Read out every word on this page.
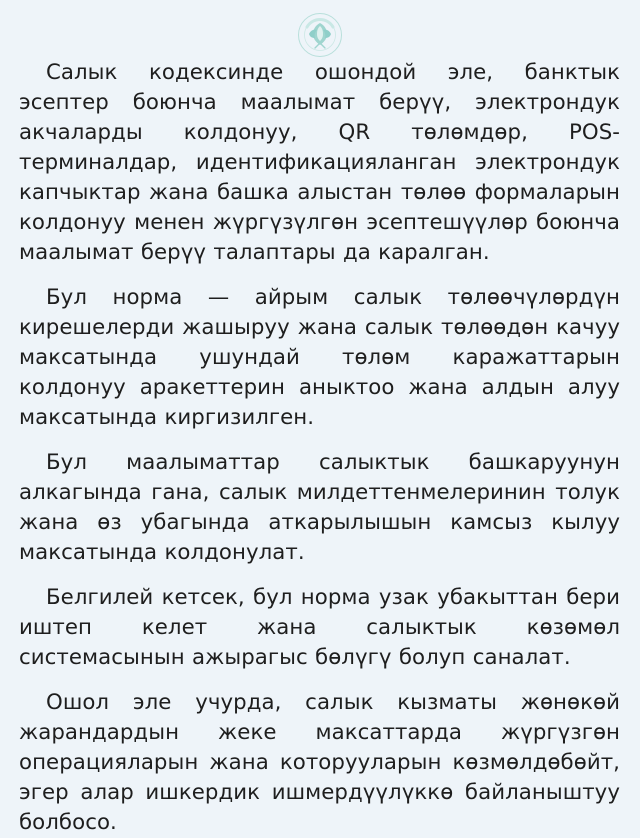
Салык кодексинде ошондой эле, банктык эсептер боюнча маалымат берүү, электрондук акчаларды колдонуу, QR төлөмдөр, POS-терминалдар, идентификацияланган электрондук капчыктар жана башка алыстан төлөө формаларын колдонуу менен жүргүзүлгөн эсептешүүлөр боюнча маалымат берүү талаптары да каралган.

Бул норма — айрым салык төлөөчүлөрдүн кирешелерди жашыруу жана салык төлөөдөн качуу максатында ушундай төлөм каражаттарын колдонуу аракеттерин аныктоо жана алдын алуу максатында киргизилген.

Бул маалыматтар салыктык башкаруунун алкагында гана, салык милдеттенмелеринин толук жана өз убагында аткарылышын камсыз кылуу максатында колдонулат.

Белгилей кетсек, бул норма узак убакыттан бери иштеп келет жана салыктык көзөмөл системасынын ажырагыс бөлүгү болуп саналат.

Ошол эле учурда, салык кызматы жөнөкөй жарандардын жеке максаттарда жүргүзгөн операцияларын жана которууларын көзмөлдөбөйт, эгер алар ишкердик ишмердүүлүккө байланыштуу болбосо.
